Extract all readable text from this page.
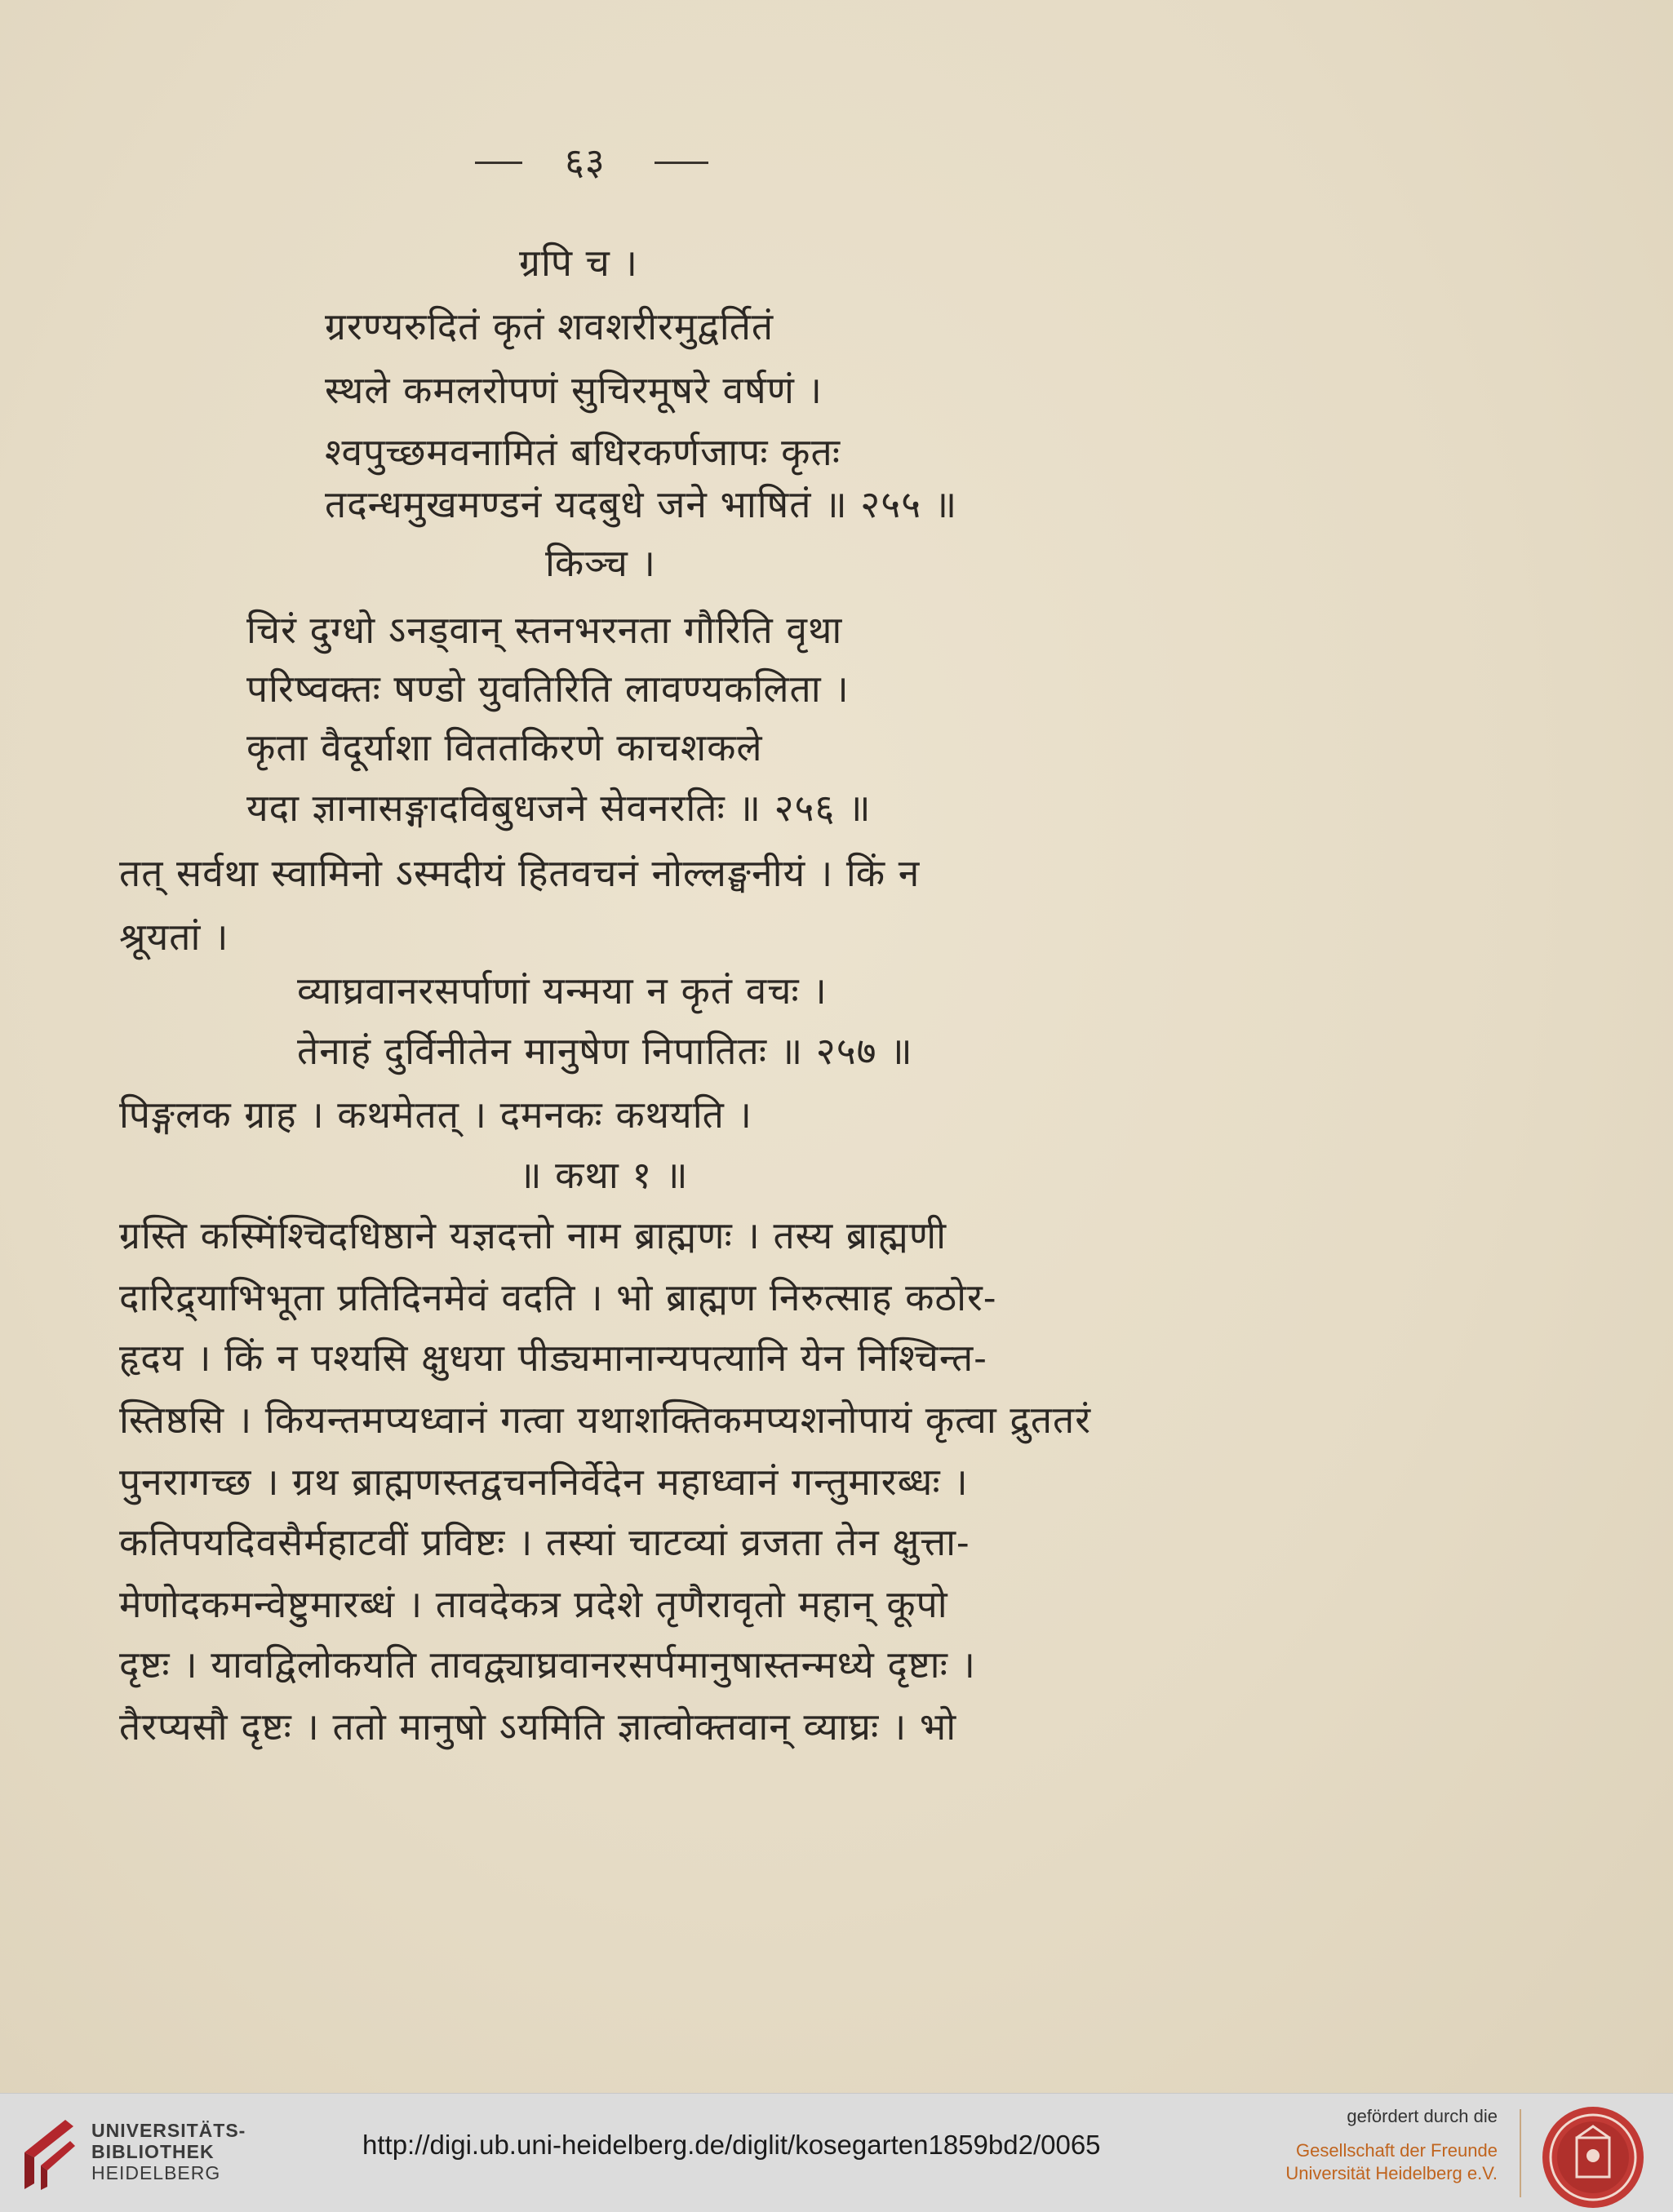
६३
ग्रपि च ।
ग्ररण्यरुदितं कृतं शवशरीरमुद्वर्तितं
स्थले कमलरोपणं सुचिरमूषरे वर्षणं ।
श्वपुच्छमवनामितं बधिरकर्णजापः कृतः
तदन्धमुखमण्डनं यदबुधे जने भाषितं ॥ २५५ ॥
किञ्च ।
चिरं दुग्धो ऽनड्वान् स्तनभरनता गौरिति वृथा
परिष्वक्तः षण्डो युवतिरिति लावण्यकलिता ।
कृता वैदूर्याशा विततकिरणे काचशकले
यदा ज्ञानासङ्गादविबुधजने सेवनरतिः ॥ २५६ ॥
तत् सर्वथा स्वामिनो ऽस्मदीयं हितवचनं नोल्लङ्घनीयं । किं न
श्रूयतां ।
व्याघ्रवानरसर्पाणां यन्मया न कृतं वचः ।
तेनाहं दुर्विनीतेन मानुषेण निपातितः ॥ २५७ ॥
पिङ्गलक ग्राह । कथमेतत् । दमनकः कथयति ।
॥ कथा १ ॥
ग्रस्ति कस्मिंश्चिदधिष्ठाने यज्ञदत्तो नाम ब्राह्मणः । तस्य ब्राह्मणी
दारिद्र्याभिभूता प्रतिदिनमेवं वदति । भो ब्राह्मण निरुत्साह कठोर-
हृदय । किं न पश्यसि क्षुधया पीड्यमानान्यपत्यानि येन निश्चिन्त-
स्तिष्ठसि । कियन्तमप्यध्वानं गत्वा यथाशक्तिकमप्यशनोपायं कृत्वा द्रुततरं
पुनरागच्छ । ग्रथ ब्राह्मणस्तद्वचननिर्वेदेन महाध्वानं गन्तुमारब्धः ।
कतिपयदिवसैर्महाटवीं प्रविष्टः । तस्यां चाटव्यां व्रजता तेन क्षुत्ता-
मेणोदकमन्वेष्टुमारब्धं । तावदेकत्र प्रदेशे तृणैरावृतो महान् कूपो
दृष्टः । यावद्विलोकयति तावद्व्याघ्रवानरसर्पमानुषास्तन्मध्ये दृष्टाः ।
तैरप्यसौ दृष्टः । ततो मानुषो ऽयमिति ज्ञात्वोक्तवान् व्याघ्रः । भो
UNIVERSITÄTS-
BIBLIOTHEK
HEIDELBERG
http://digi.ub.uni-heidelberg.de/diglit/kosegarten1859bd2/0065
gefördert durch die
Gesellschaft der Freunde
Universität Heidelberg e.V.
